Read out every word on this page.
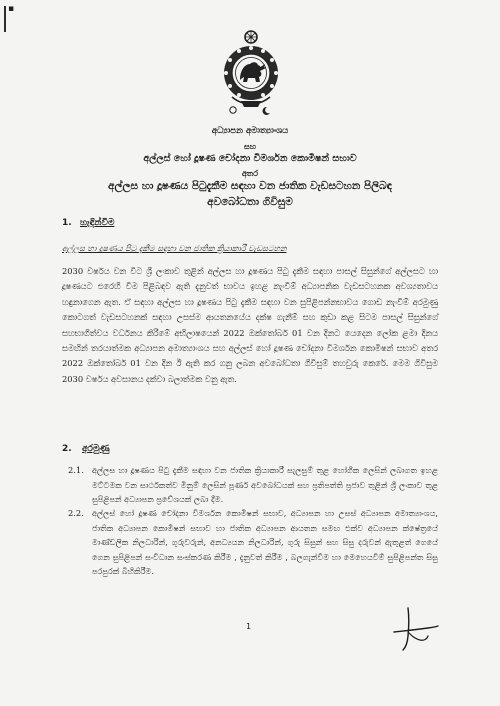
▪
අධ්‍යාපන අමාත්‍යාංශය
සහ
අල්ලස් හෝ දූෂණ චෝදනා විමර්ශන කොමිෂන් සභාව
අතර
අල්ලස හා දූෂණය පිටුදැකීම සඳහා වන ජාතික වැඩසටහන පිලිබඳ
අවබෝධතා ගිවිසුම
1. හැඳින්වීම
අල්ලස හා දූෂණය පිටු දැකීම සඳහා වන ජාතික ක්‍රියාකාරී වැඩසටහන
2030 වර්ෂය වන විට ශ්‍රී ලංකාව තුළින් අල්ලස හා දූෂණය පිටු දැකීම සඳහා පාසල් සිසුන්ගේ අල්ලසට හා දූෂණයට එරෙහි වීම පිළිබඳව ඇති දැනුවත් භාවය ඉහළ නැංවීම් අධ්‍යාපනික වැඩසටහනක අවශ්‍යතාවය හඳුනාගෙන ඇත. ඒ සඳහා අල්ලස හා දූෂණය පිටු දැකීම සඳහා වන සුපිළිපන්නභාවය ගොඩ නැංවීම් අරමුණු කොටගත් වැඩසටහනක් සඳහා උසස්ම ආයතනයේය දක්ෂ ගැනීම් සහ කුඩා කළ සිටම පාසල් සිසුන්ගේ සහභාගිත්වය වර්ධනය කිරීමේ අභිලාෂයෙන් 2022 ඔක්තෝබර් 01 වන දිනට යෙදෙන ලෝක ළමා දිනය සමඟින් තරයාත්මක අධ්‍යාපන අමාත්‍යාංශය සහ අල්ලස් හෝ දූෂණ චෝදනා විමර්ශන කොමිෂන් සභාව අතර 2022 ඔක්තෝබර් 01 වන දින ඊ ඇති කර ගනු ලබන අවබෝධතා ගිවිසුම් තහවුරු කෙරේ. මෙම ගිවිසුම 2030 වර්ෂය අවසානය දක්වා බලාත්මක වනු ඇත.
2. අරමුණු
2.1. අල්ලස හා දූෂණය පිටු දැකීම සඳහා වන ජාතික ක්‍රියාකාරී සැලසුම් තුළ හෝගීක ලෙසින් ලබාගත ඉහළ මට්ටමක වන සාර්ථකත්ව මිනුම් ලෙසින් පූර්ණ අවබෝධයක් සහ ප්‍රතිපත්ති ප්‍රජාව තුළින් ශ්‍රී ලංකාව තුළ සුපිළිපන් අධ්‍යාපන ප්‍රවේශයක් ලබා දීම.
2.2. අල්ලස් හෝ දූෂණ චෝදනා විමර්ශන කොමිෂන් සභාව, අධ්‍යාපන හා උසස් අධ්‍යාපන අමාත්‍යාංශය, ජාතික අධ්‍යාපන කොමිෂන් සභාව හා ජාතික අධ්‍යාපන ආයතන සමඟ එක්ව අධ්‍යාපන ක්ෂේත්‍රයේ මාණ්ඩලික නිලධාරින්, ගුරුවරුන්, අනධ්‍යයන නිලධාරින්, ගුරු සිසුන් සහ සිසු දරුවන් ඇතුළත් ගෙයේ ගෙන සුපිළිපන් සංවිධාන සංස්කරණ කිරීම , දැනුවත් කිරීම , බලගැන්වීම හා මෙහෙයවීම් සුපිළිපන්ත සිසු පරපුරක් බිහිකිරීම.
1
